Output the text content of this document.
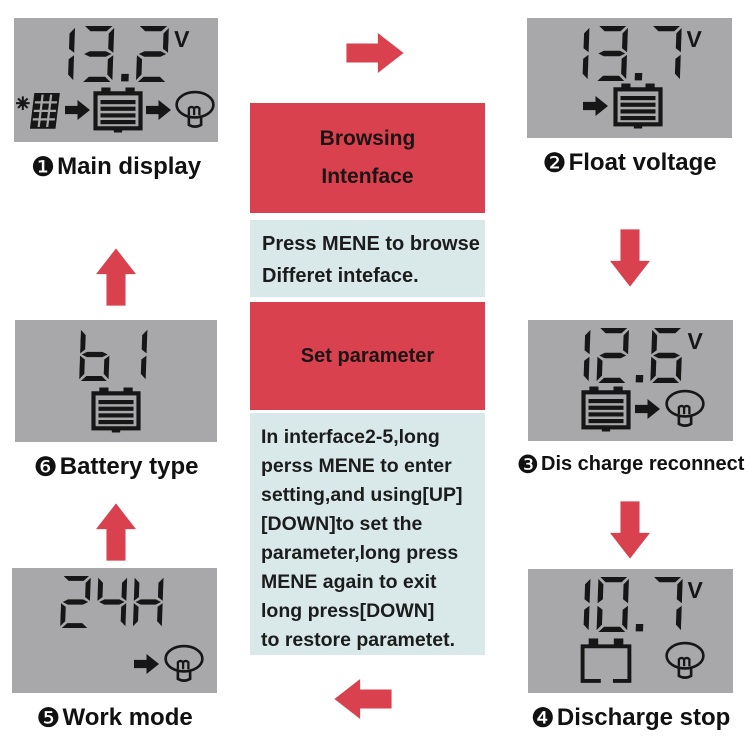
V
❶ Main display
V
❷ Float voltage
V
❸ Dis charge reconnect
V
❹ Discharge stop
❺ Work mode
❻ Battery type
Browsing
Intenface
Press MENE to browse
Differet inteface.
Set parameter
In interface2-5,long
perss MENE to enter
setting,and using[UP]
[DOWN]to set the
parameter,long press
MENE again to exit
long press[DOWN]
to restore parametet.
